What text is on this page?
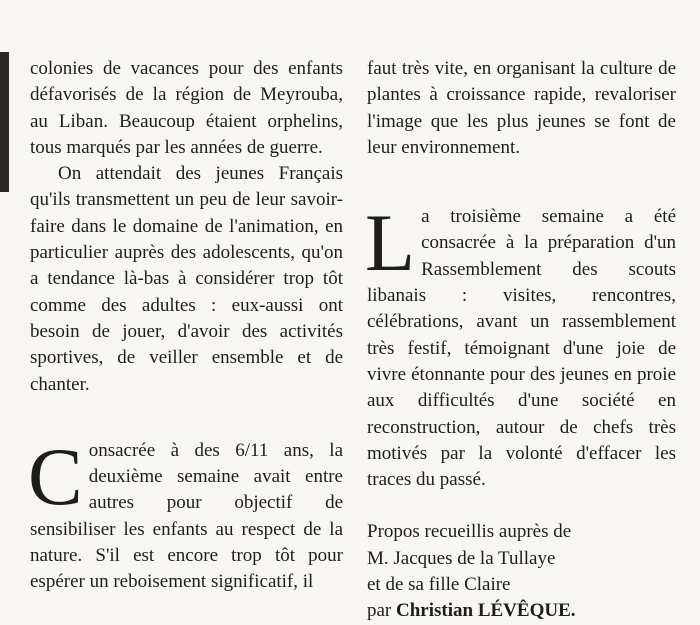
colonies de vacances pour des enfants défavorisés de la région de Meyrouba, au Liban. Beaucoup étaient orphelins, tous marqués par les années de guerre.

On attendait des jeunes Français qu'ils transmettent un peu de leur savoir-faire dans le domaine de l'animation, en particulier auprès des adolescents, qu'on a tendance là-bas à considérer trop tôt comme des adultes : eux-aussi ont besoin de jouer, d'avoir des activités sportives, de veiller ensemble et de chanter.

Consacrée à des 6/11 ans, la deuxième semaine avait entre autres pour objectif de sensibiliser les enfants au respect de la nature. S'il est encore trop tôt pour espérer un reboisement significatif, il

faut très vite, en organisant la culture de plantes à croissance rapide, revaloriser l'image que les plus jeunes se font de leur environnement.

La troisième semaine a été consacrée à la préparation d'un Rassemblement des scouts libanais : visites, rencontres, célébrations, avant un rassemblement très festif, témoignant d'une joie de vivre étonnante pour des jeunes en proie aux difficultés d'une société en reconstruction, autour de chefs très motivés par la volonté d'effacer les traces du passé.

Propos recueillis auprès de
M. Jacques de la Tullaye
et de sa fille Claire
par Christian LÉVÊQUE.
